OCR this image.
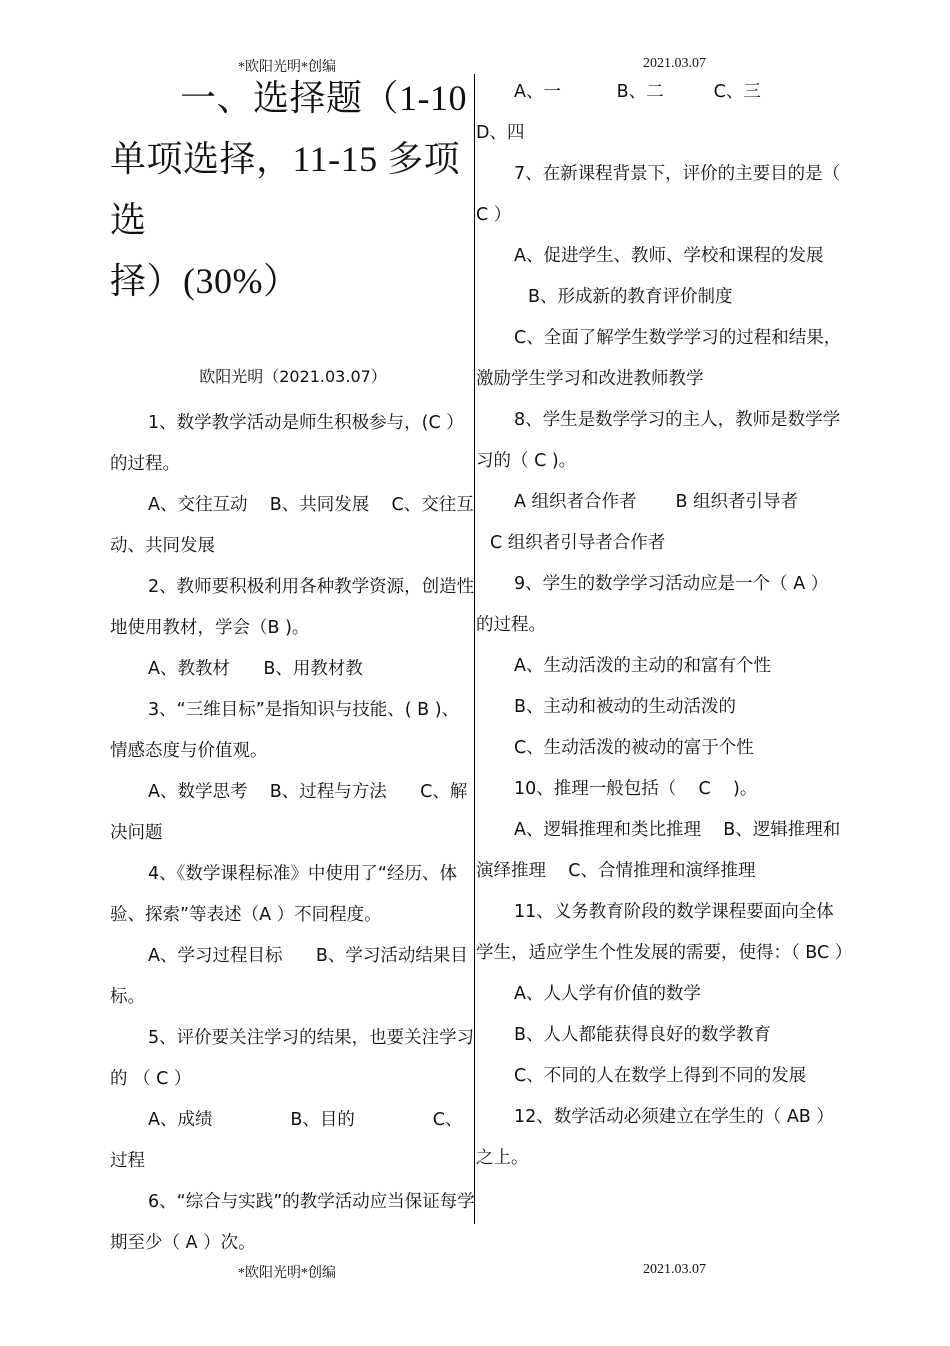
*欧阳光明*创编	2021.03.07
一、选择题（1-10
单项选择，11-15 多项选
择）(30%）
欧阳光明（2021.03.07）

1、数学教学活动是师生积极参与，(C ）的过程。

A、交往互动    B、共同发展    C、交往互动、共同发展

2、教师要积极利用各种教学资源，创造性地使用教材，学会（B )。

A、教教材      B、用教材教

3、“三维目标”是指知识与技能、( B )、情感态度与价值观。

A、数学思考    B、过程与方法      C、解决问题

4、《数学课程标准》中使用了“经历、体验、探索”等表述（A ）不同程度。

A、学习过程目标      B、学习活动结果目标。

5、评价要关注学习的结果，也要关注学习的 （ C ）

A、成绩              B、目的              C、过程

6、“综合与实践”的教学活动应当保证每学期至少（ A ）次。

A、一          B、二         C、三          D、四

7、在新课程背景下，评价的主要目的是（ C ）

A、促进学生、教师、学校和课程的发展

B、形成新的教育评价制度

C、全面了解学生数学学习的过程和结果，激励学生学习和改进教师教学

8、学生是数学学习的主人，教师是数学学习的（ C )。

A 组织者合作者       B 组织者引导者

C 组织者引导者合作者

9、学生的数学学习活动应是一个（ A ）的过程。

A、生动活泼的主动的和富有个性

B、主动和被动的生动活泼的

C、生动活泼的被动的富于个性

10、推理一般包括（    C    )。

A、逻辑推理和类比推理    B、逻辑推理和演绎推理    C、合情推理和演绎推理

11、义务教育阶段的数学课程要面向全体学生，适应学生个性发展的需要，使得：（ BC ）

A、人人学有价值的数学

B、人人都能获得良好的数学教育

C、不同的人在数学上得到不同的发展

12、数学活动必须建立在学生的（ AB ）之上。

*欧阳光明*创编	2021.03.07
